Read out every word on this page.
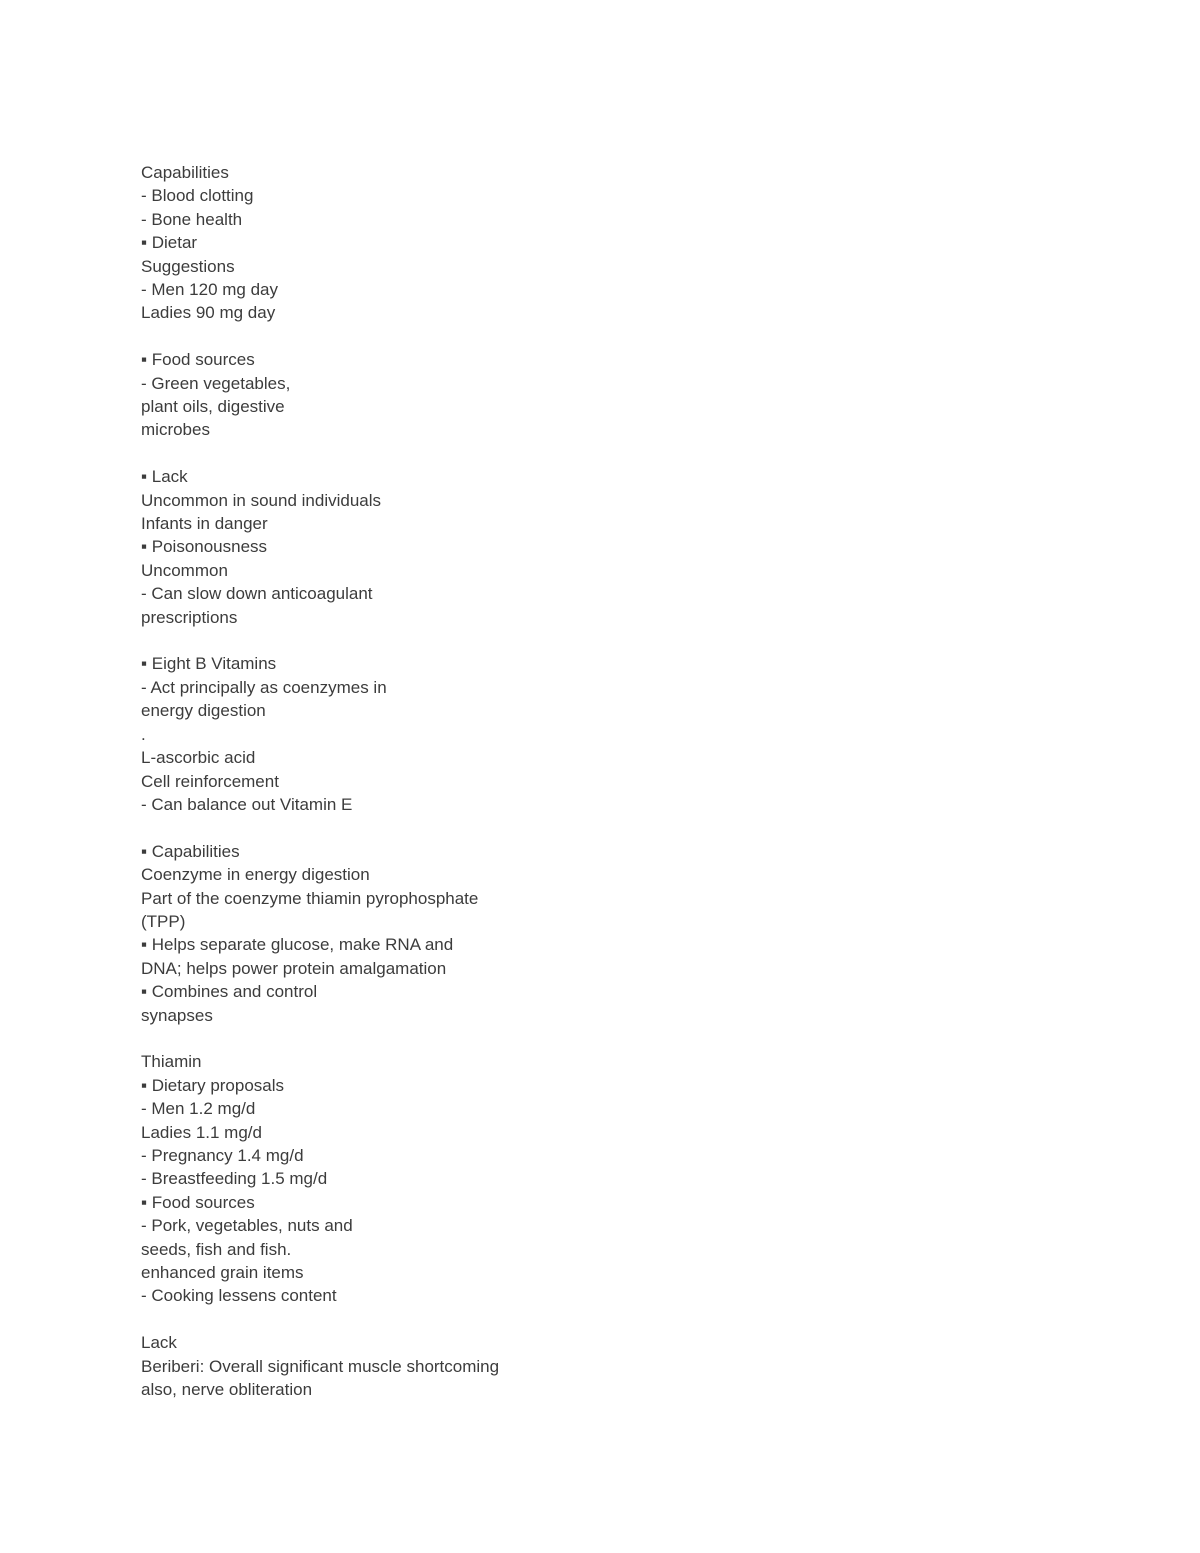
Capabilities
- Blood clotting
- Bone health
▪ Dietar
Suggestions
- Men 120 mg day
Ladies 90 mg day
▪ Food sources
- Green vegetables,
plant oils, digestive
microbes
▪ Lack
Uncommon in sound individuals
Infants in danger
▪ Poisonousness
Uncommon
- Can slow down anticoagulant
prescriptions
▪ Eight B Vitamins
- Act principally as coenzymes in
energy digestion
.
L-ascorbic acid
Cell reinforcement
- Can balance out Vitamin E
▪ Capabilities
Coenzyme in energy digestion
Part of the coenzyme thiamin pyrophosphate
(TPP)
▪ Helps separate glucose, make RNA and
DNA; helps power protein amalgamation
▪ Combines and control
synapses
Thiamin
▪ Dietary proposals
- Men 1.2 mg/d
Ladies 1.1 mg/d
- Pregnancy 1.4 mg/d
- Breastfeeding 1.5 mg/d
▪ Food sources
- Pork, vegetables, nuts and
seeds, fish and fish.
enhanced grain items
- Cooking lessens content
Lack
Beriberi: Overall significant muscle shortcoming
also, nerve obliteration
